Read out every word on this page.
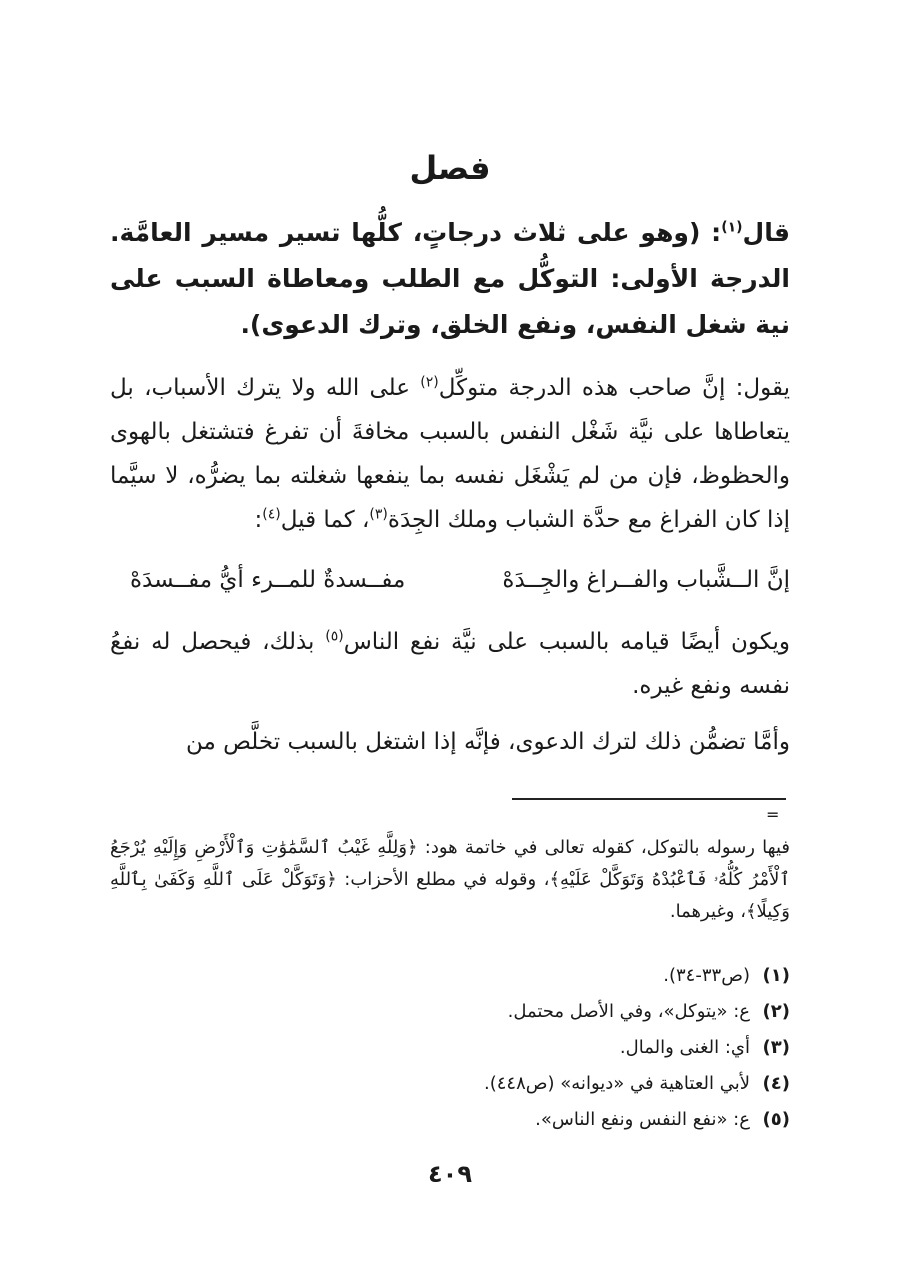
فصل
قال$^{(١)}$: (وهو على ثلاث درجاتٍ، كلُّها تسير مسير العامَّة. الدرجة الأولى: التوكُّل مع الطلب ومعاطاة السبب على نية شغل النفس، ونفع الخلق، وترك الدعوى).
يقول: إنَّ صاحب هذه الدرجة متوكِّل$^{(٢)}$ على الله ولا يترك الأسباب، بل يتعاطاها على نيَّة شَغْل النفس بالسبب مخافةَ أن تفرغ فتشتغل بالهوى والحظوظ، فإن من لم يَشْغَل نفسه بما ينفعها شغلته بما يضرُّه، لا سيَّما إذا كان الفراغ مع حدَّة الشباب وملك الجِدَة$^{(٣)}$، كما قيل$^{(٤)}$:
إنَّ الــشَّباب والفــراغ والجِــدَهْ
مفــسدةٌ للمــرء أيُّ مفــسدَهْ
ويكون أيضًا قيامه بالسبب على نيَّة نفع الناس$^{(٥)}$ بذلك، فيحصل له نفعُ نفسه ونفع غيره.
وأمَّا تضمُّن ذلك لترك الدعوى، فإنَّه إذا اشتغل بالسبب تخلَّص من
=
فيها رسوله بالتوكل، كقوله تعالى في خاتمة هود: ﴿وَلِلَّهِ غَيْبُ ٱلسَّمَٰوَٰتِ وَٱلْأَرْضِ وَإِلَيْهِ يُرْجَعُ ٱلْأَمْرُ كُلُّهُۥ فَٱعْبُدْهُ وَتَوَكَّلْ عَلَيْهِ﴾، وقوله في مطلع الأحزاب: ﴿وَتَوَكَّلْ عَلَى ٱللَّهِ وَكَفَىٰ بِٱللَّهِ وَكِيلًا﴾، وغيرهما.
(١)(ص٣٣-٣٤).
(٢)ع: «يتوكل»، وفي الأصل محتمل.
(٣)أي: الغنى والمال.
(٤)لأبي العتاهية في «ديوانه» (ص٤٤٨).
(٥)ع: «نفع النفس ونفع الناس».
٤٠٩
